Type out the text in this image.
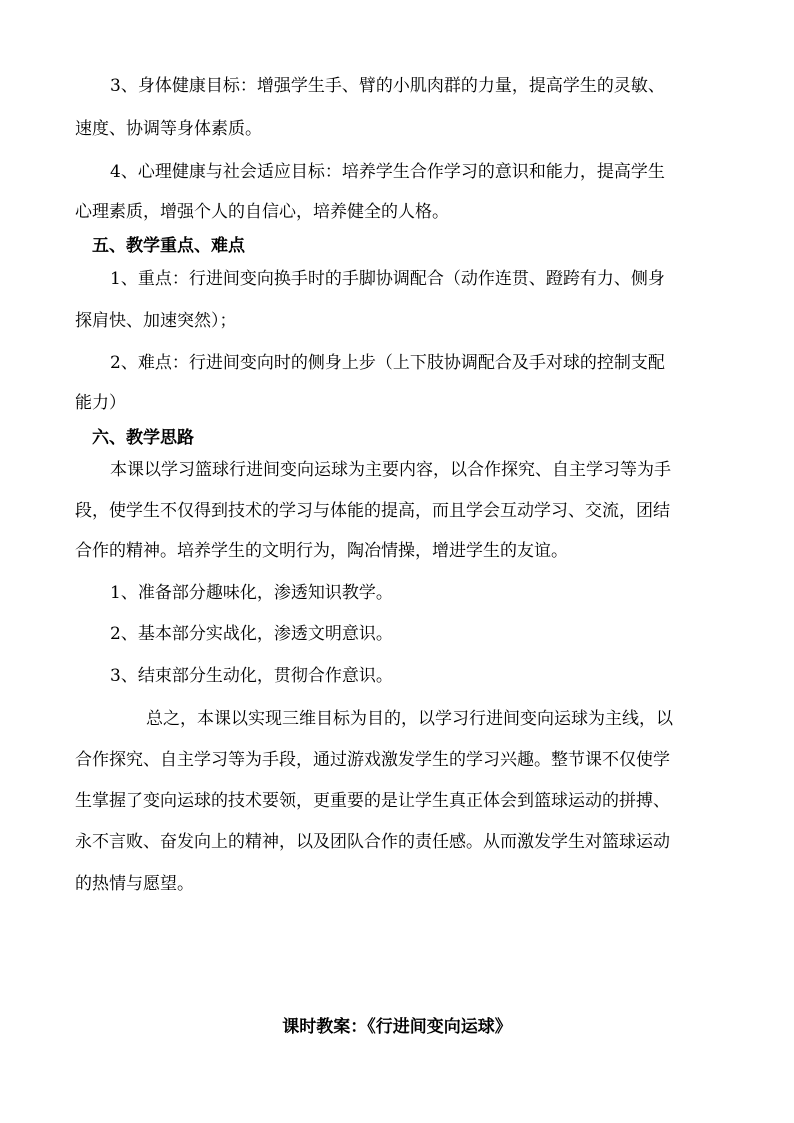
3、身体健康目标：增强学生手、臂的小肌肉群的力量，提高学生的灵敏、
速度、协调等身体素质。
4、心理健康与社会适应目标：培养学生合作学习的意识和能力，提高学生
心理素质，增强个人的自信心，培养健全的人格。
五、教学重点、难点
1、重点：行进间变向换手时的手脚协调配合（动作连贯、蹬跨有力、侧身
探肩快、加速突然）；
2、难点：行进间变向时的侧身上步（上下肢协调配合及手对球的控制支配
能力）
六、教学思路
本课以学习篮球行进间变向运球为主要内容，以合作探究、自主学习等为手
段，使学生不仅得到技术的学习与体能的提高，而且学会互动学习、交流，团结
合作的精神。培养学生的文明行为，陶冶情操，增进学生的友谊。
1、准备部分趣味化，渗透知识教学。
2、基本部分实战化，渗透文明意识。
3、结束部分生动化，贯彻合作意识。
总之，本课以实现三维目标为目的，以学习行进间变向运球为主线，以
合作探究、自主学习等为手段，通过游戏激发学生的学习兴趣。整节课不仅使学
生掌握了变向运球的技术要领，更重要的是让学生真正体会到篮球运动的拼搏、
永不言败、奋发向上的精神，以及团队合作的责任感。从而激发学生对篮球运动
的热情与愿望。
课时教案：《行进间变向运球》
